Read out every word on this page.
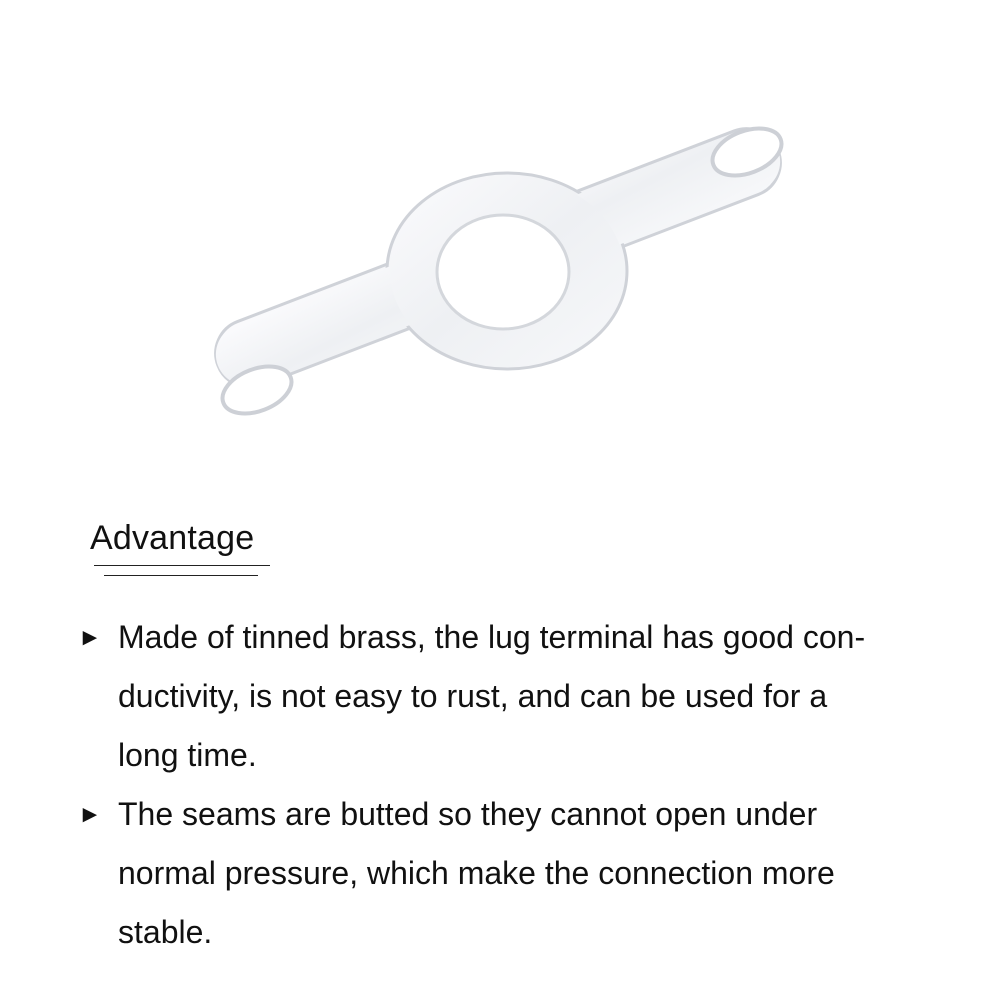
Advantage
► Made of tinned brass, the lug terminal has good con-
ductivity, is not easy to rust, and can be used for a
long time.
► The seams are butted so they cannot open under
normal pressure, which make the connection more
stable.
